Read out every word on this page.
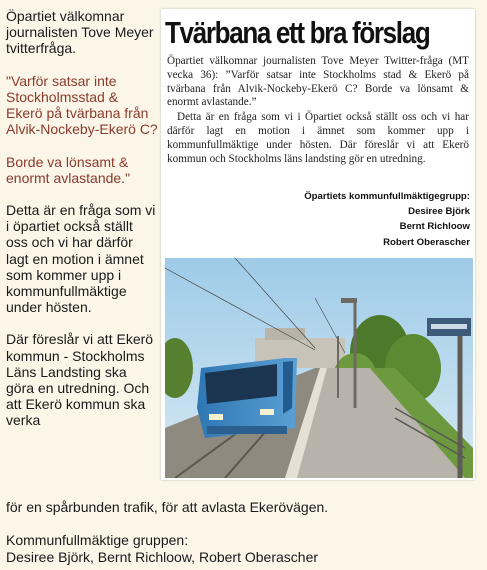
Öpartiet välkomnar journalisten Tove Meyer tvitterfråga.

"Varför satsar inte Stockholmsstad & Ekerö på tvärbana från Alvik-Nockeby-Ekerö C?

Borde va lönsamt & enormt avlastande."

Detta är en fråga som vi i öpartiet också ställt oss och vi har därför lagt en motion i ämnet som kommer upp i kommunfullmäktige under hösten.

Där föreslår vi att Ekerö kommun - Stockholms Läns Landsting ska göra en utredning. Och att Ekerö kommun ska verka

för en spårbunden trafik, för att avlasta Ekerövägen.
Kommunfullmäktige gruppen:
Desiree Björk, Bernt Richloow, Robert Oberascher
Tvärbana ett bra förslag

Öpartiet välkomnar journalisten Tove Meyer Twitter-fråga (MT vecka 36): ”Varför satsar inte Stockholms stad & Ekerö på tvärbana från Alvik-Nockeby-Ekerö C? Borde va lönsamt & enormt avlastande.”

Detta är en fråga som vi i Öpartiet också ställt oss och vi har därför lagt en motion i ämnet som kommer upp i kommunfullmäktige under hösten. Där föreslår vi att Ekerö kommun och Stockholms läns landsting gör en utredning.

Öpartiets kommunfullmäktigegrupp:
Desiree Björk
Bernt Richloow
Robert Oberascher
